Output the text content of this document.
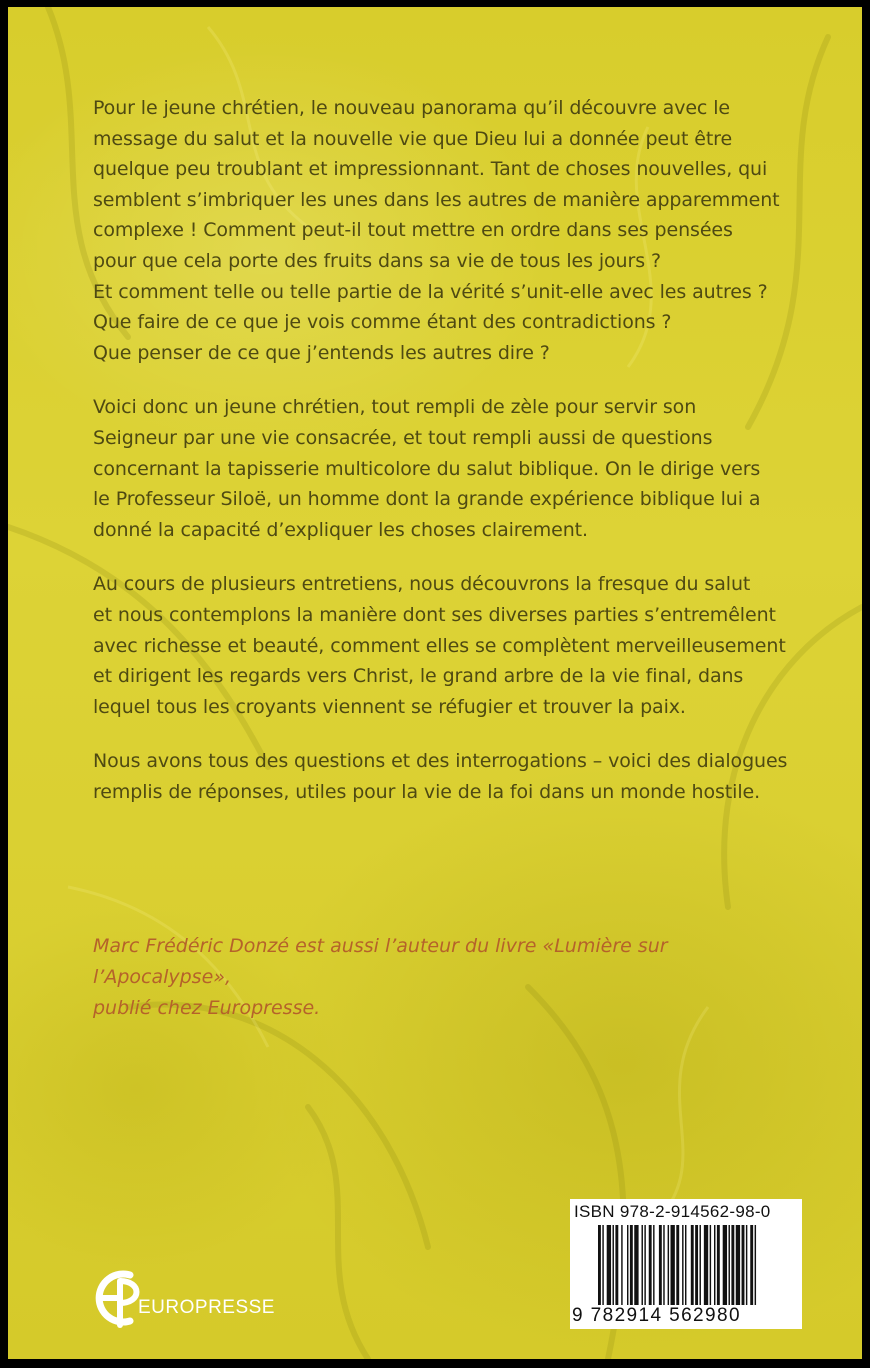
Pour le jeune chrétien, le nouveau panorama qu’il découvre avec le
message du salut et la nouvelle vie que Dieu lui a donnée peut être
quelque peu troublant et impressionnant. Tant de choses nouvelles, qui
semblent s’imbriquer les unes dans les autres de manière apparemment
complexe ! Comment peut-il tout mettre en ordre dans ses pensées
pour que cela porte des fruits dans sa vie de tous les jours ?
Et comment telle ou telle partie de la vérité s’unit-elle avec les autres ?
Que faire de ce que je vois comme étant des contradictions ?
Que penser de ce que j’entends les autres dire ?

Voici donc un jeune chrétien, tout rempli de zèle pour servir son
Seigneur par une vie consacrée, et tout rempli aussi de questions
concernant la tapisserie multicolore du salut biblique. On le dirige vers
le Professeur Siloë, un homme dont la grande expérience biblique lui a
donné la capacité d’expliquer les choses clairement.

Au cours de plusieurs entretiens, nous découvrons la fresque du salut
et nous contemplons la manière dont ses diverses parties s’entremêlent
avec richesse et beauté, comment elles se complètent merveilleusement
et dirigent les regards vers Christ, le grand arbre de la vie final, dans
lequel tous les croyants viennent se réfugier et trouver la paix.

Nous avons tous des questions et des interrogations – voici des dialogues
remplis de réponses, utiles pour la vie de la foi dans un monde hostile.

Marc Frédéric Donzé est aussi l’auteur du livre «Lumière sur l’Apocalypse»,
publié chez Europresse.

EUROPRESSE
ISBN 978-2-914562-98-0
9 782914 562980
